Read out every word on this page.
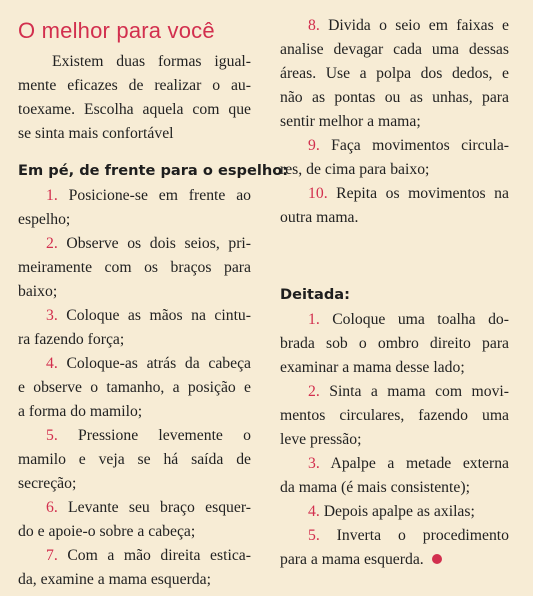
O melhor para você
Existem duas formas igual-
mente eficazes de realizar o au-
toexame. Escolha aquela com que
se sinta mais confortável
Em pé, de frente para o espelho:
1. Posicione-se em frente ao
espelho;
2. Observe os dois seios, pri-
meiramente com os braços para
baixo;
3. Coloque as mãos na cintu-
ra fazendo força;
4. Coloque-as atrás da cabeça
e observe o tamanho, a posição e
a forma do mamilo;
5. Pressione levemente o
mamilo e veja se há saída de
secreção;
6. Levante seu braço esquer-
do e apoie-o sobre a cabeça;
7. Com a mão direita estica-
da, examine a mama esquerda;
8. Divida o seio em faixas e
analise devagar cada uma dessas
áreas. Use a polpa dos dedos, e
não as pontas ou as unhas, para
sentir melhor a mama;
9. Faça movimentos circula-
res, de cima para baixo;
10. Repita os movimentos na
outra mama.
Deitada:
1. Coloque uma toalha do-
brada sob o ombro direito para
examinar a mama desse lado;
2. Sinta a mama com movi-
mentos circulares, fazendo uma
leve pressão;
3. Apalpe a metade externa
da mama (é mais consistente);
4. Depois apalpe as axilas;
5. Inverta o procedimento
para a mama esquerda.
